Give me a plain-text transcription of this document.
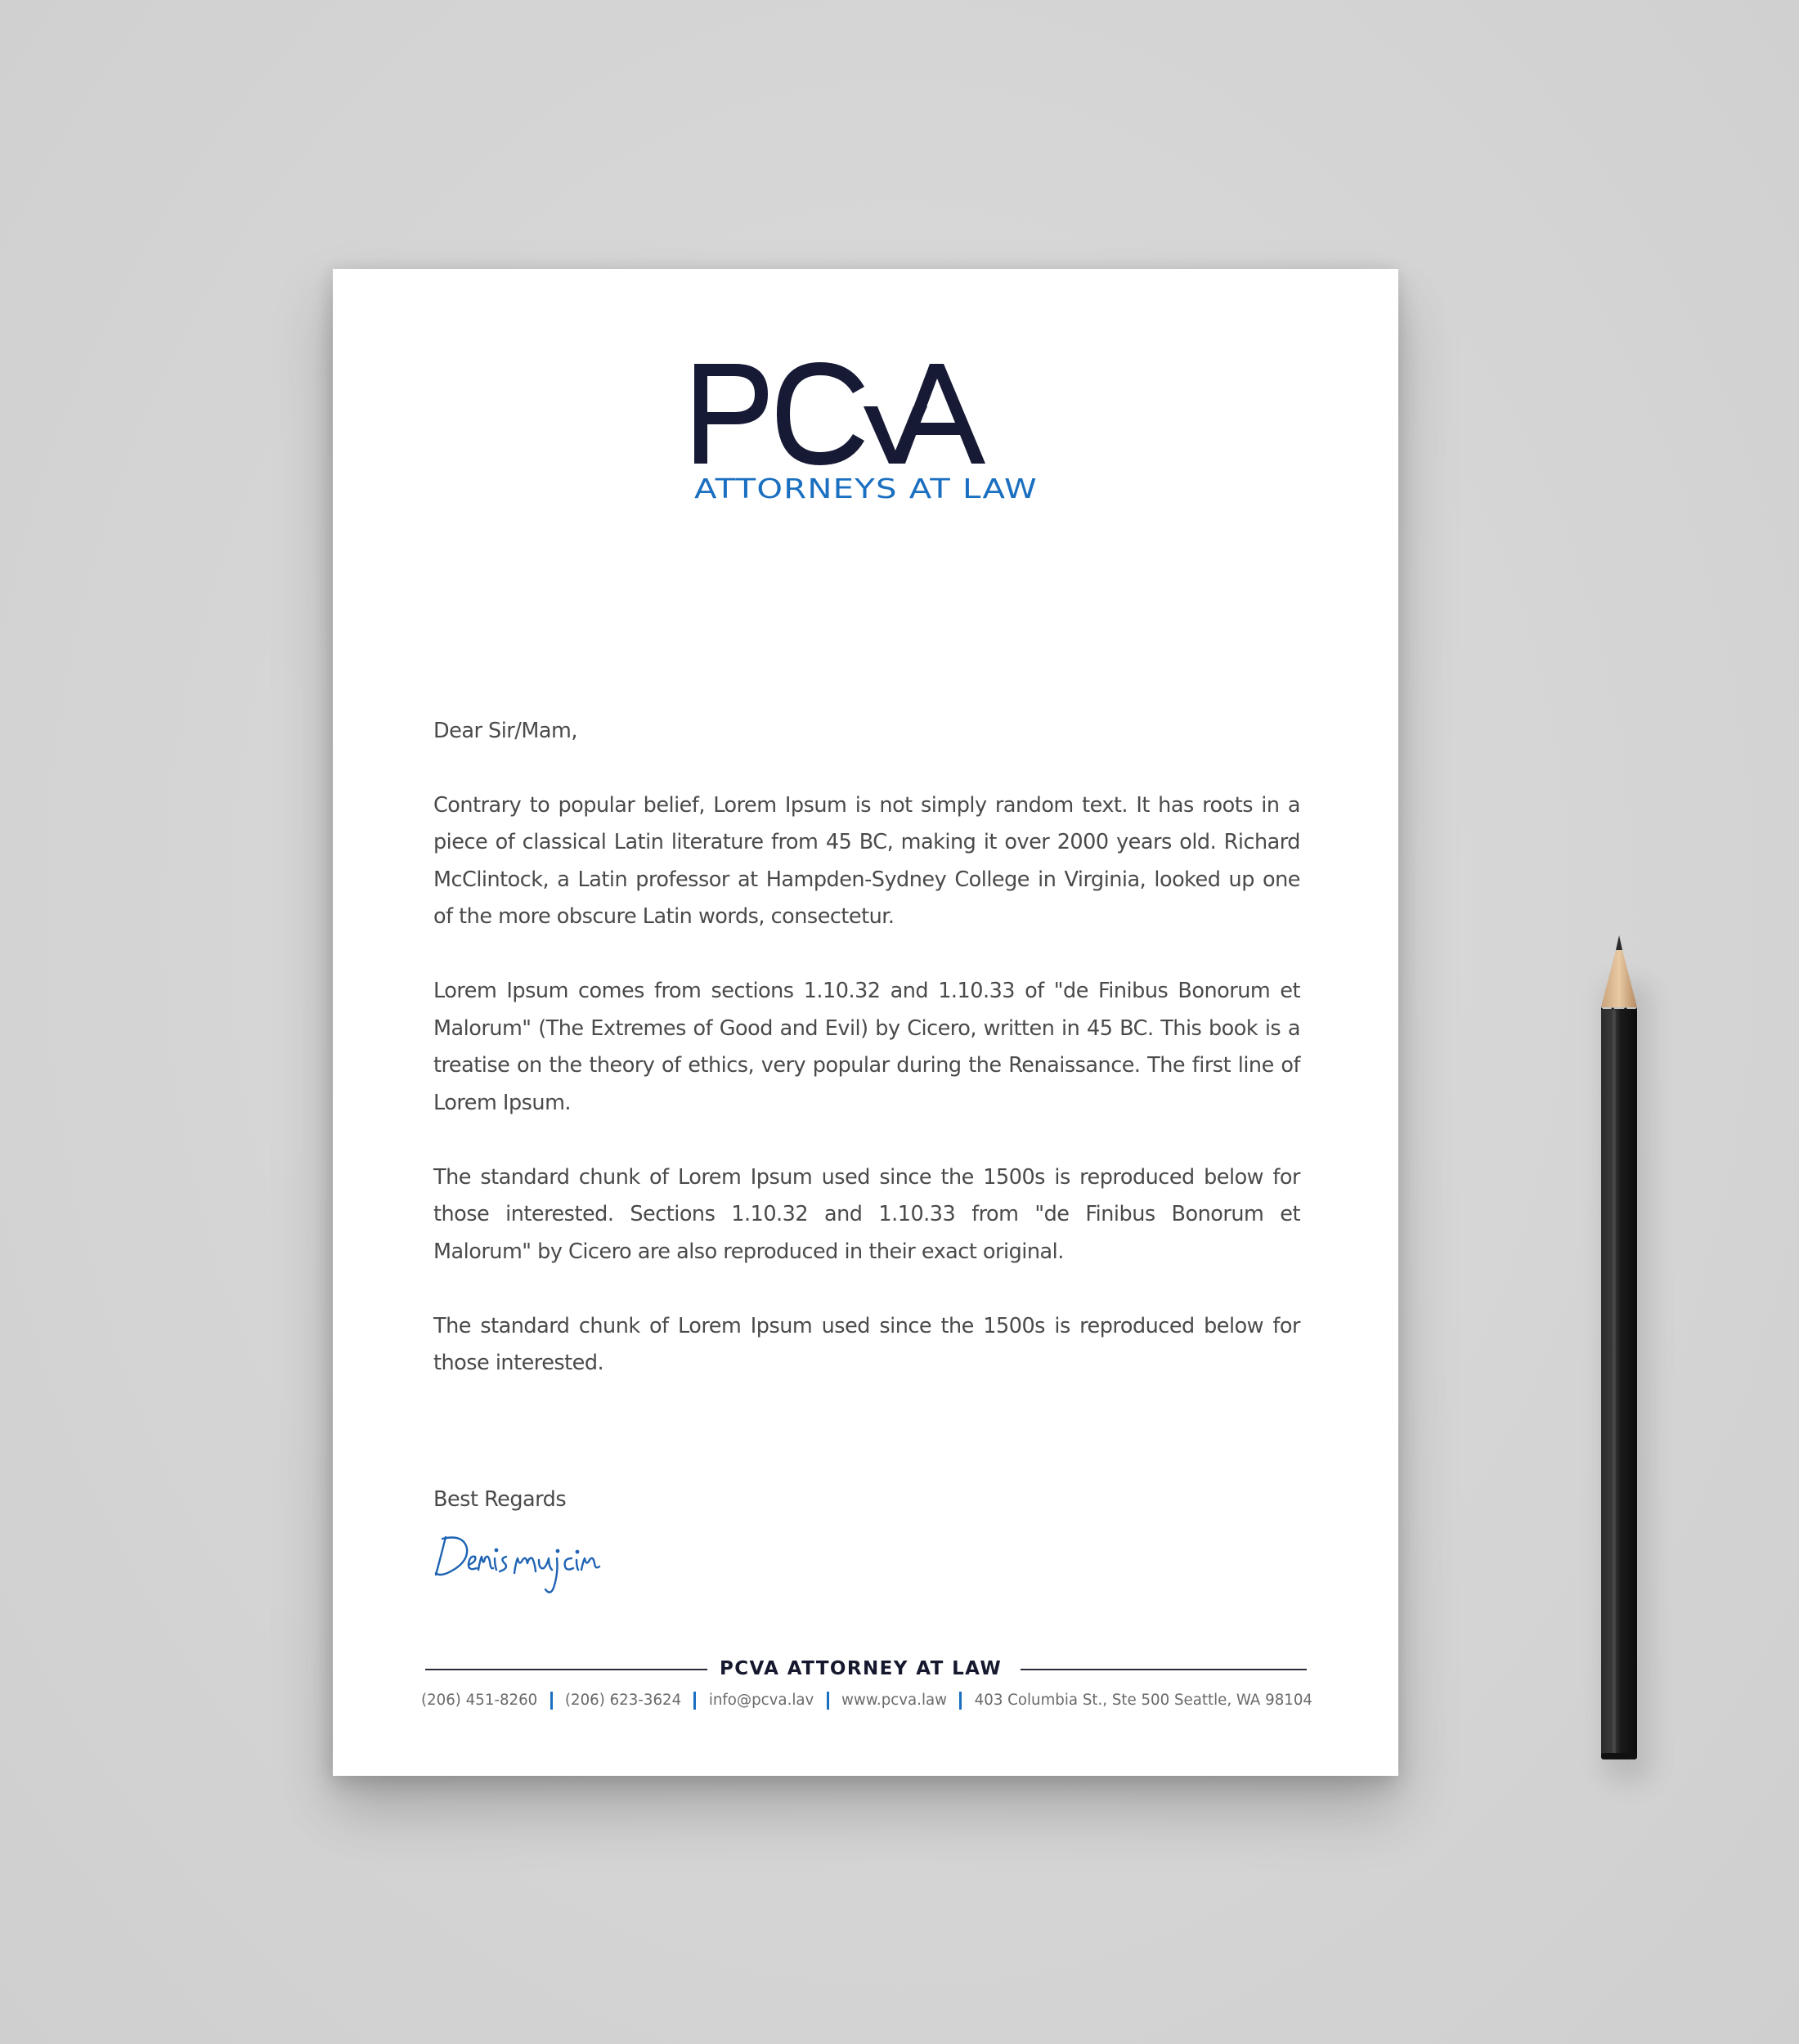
ATTORNEYS AT LAW

Dear Sir/Mam,

Contrary to popular belief, Lorem Ipsum is not simply random text. It has roots in a piece of classical Latin literature from 45 BC, making it over 2000 years old. Richard McClintock, a Latin professor at Hampden-Sydney College in Virginia, looked up one of the more obscure Latin words, consectetur.

Lorem Ipsum comes from sections 1.10.32 and 1.10.33 of "de Finibus Bonorum et Malorum" (The Extremes of Good and Evil) by Cicero, written in 45 BC. This book is a treatise on the theory of ethics, very popular during the Renaissance. The first line of Lorem Ipsum.

The standard chunk of Lorem Ipsum used since the 1500s is reproduced below for those interested. Sections 1.10.32 and 1.10.33 from "de Finibus Bonorum et Malorum" by Cicero are also reproduced in their exact original.

The standard chunk of Lorem Ipsum used since the 1500s is reproduced below for those interested.

Best Regards
PCVA ATTORNEY AT LAW
(206) 451-8260 (206) 623-3624 info@pcva.lav www.pcva.law 403 Columbia St., Ste 500 Seattle, WA 98104
